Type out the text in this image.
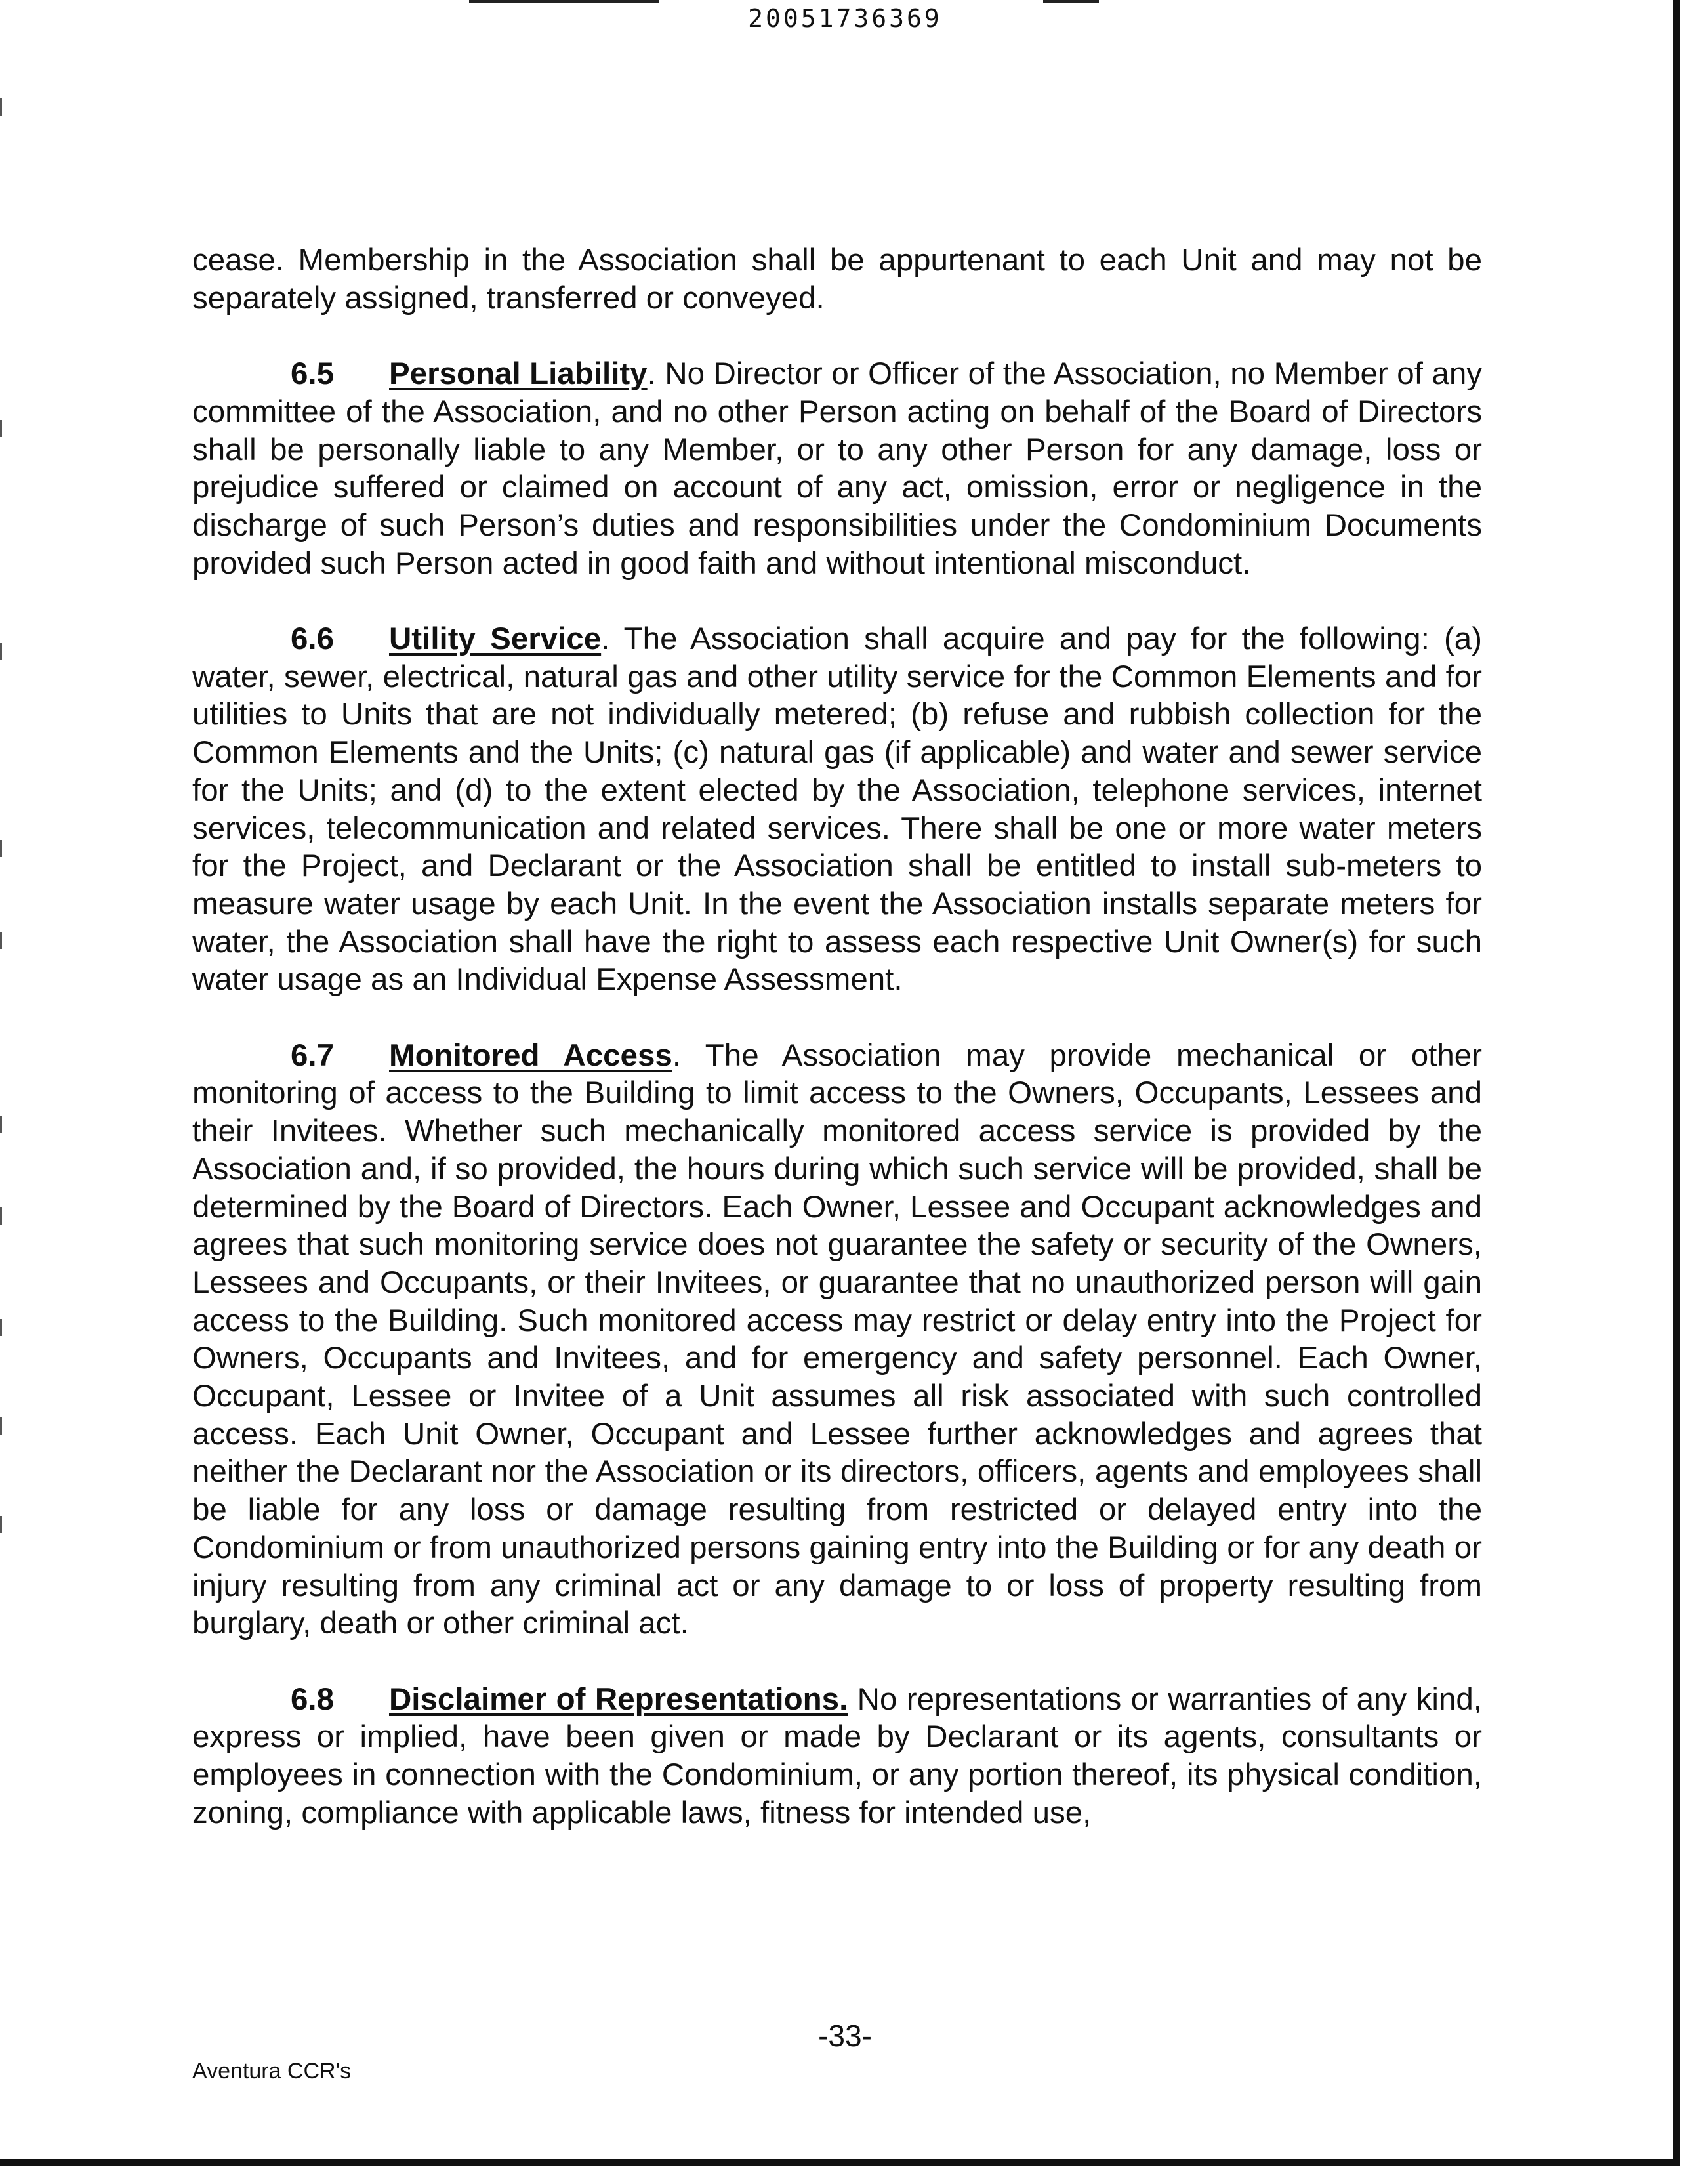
20051736369

cease. Membership in the Association shall be appurtenant to each Unit and may not be separately assigned, transferred or conveyed.

6.5 Personal Liability. No Director or Officer of the Association, no Member of any committee of the Association, and no other Person acting on behalf of the Board of Directors shall be personally liable to any Member, or to any other Person for any damage, loss or prejudice suffered or claimed on account of any act, omission, error or negligence in the discharge of such Person’s duties and responsibilities under the Condominium Documents provided such Person acted in good faith and without intentional misconduct.

6.6 Utility Service. The Association shall acquire and pay for the following: (a) water, sewer, electrical, natural gas and other utility service for the Common Elements and for utilities to Units that are not individually metered; (b) refuse and rubbish collection for the Common Elements and the Units; (c) natural gas (if applicable) and water and sewer service for the Units; and (d) to the extent elected by the Association, telephone services, internet services, telecommunication and related services. There shall be one or more water meters for the Project, and Declarant or the Association shall be entitled to install sub-meters to measure water usage by each Unit. In the event the Association installs separate meters for water, the Association shall have the right to assess each respective Unit Owner(s) for such water usage as an Individual Expense Assessment.

6.7 Monitored Access. The Association may provide mechanical or other monitoring of access to the Building to limit access to the Owners, Occupants, Lessees and their Invitees. Whether such mechanically monitored access service is provided by the Association and, if so provided, the hours during which such service will be provided, shall be determined by the Board of Directors. Each Owner, Lessee and Occupant acknowledges and agrees that such monitoring service does not guarantee the safety or security of the Owners, Lessees and Occupants, or their Invitees, or guarantee that no unauthorized person will gain access to the Building. Such monitored access may restrict or delay entry into the Project for Owners, Occupants and Invitees, and for emergency and safety personnel. Each Owner, Occupant, Lessee or Invitee of a Unit assumes all risk associated with such controlled access. Each Unit Owner, Occupant and Lessee further acknowledges and agrees that neither the Declarant nor the Association or its directors, officers, agents and employees shall be liable for any loss or damage resulting from restricted or delayed entry into the Condominium or from unauthorized persons gaining entry into the Building or for any death or injury resulting from any criminal act or any damage to or loss of property resulting from burglary, death or other criminal act.

6.8 Disclaimer of Representations. No representations or warranties of any kind, express or implied, have been given or made by Declarant or its agents, consultants or employees in connection with the Condominium, or any portion thereof, its physical condition, zoning, compliance with applicable laws, fitness for intended use,

-33-
Aventura CCR's
